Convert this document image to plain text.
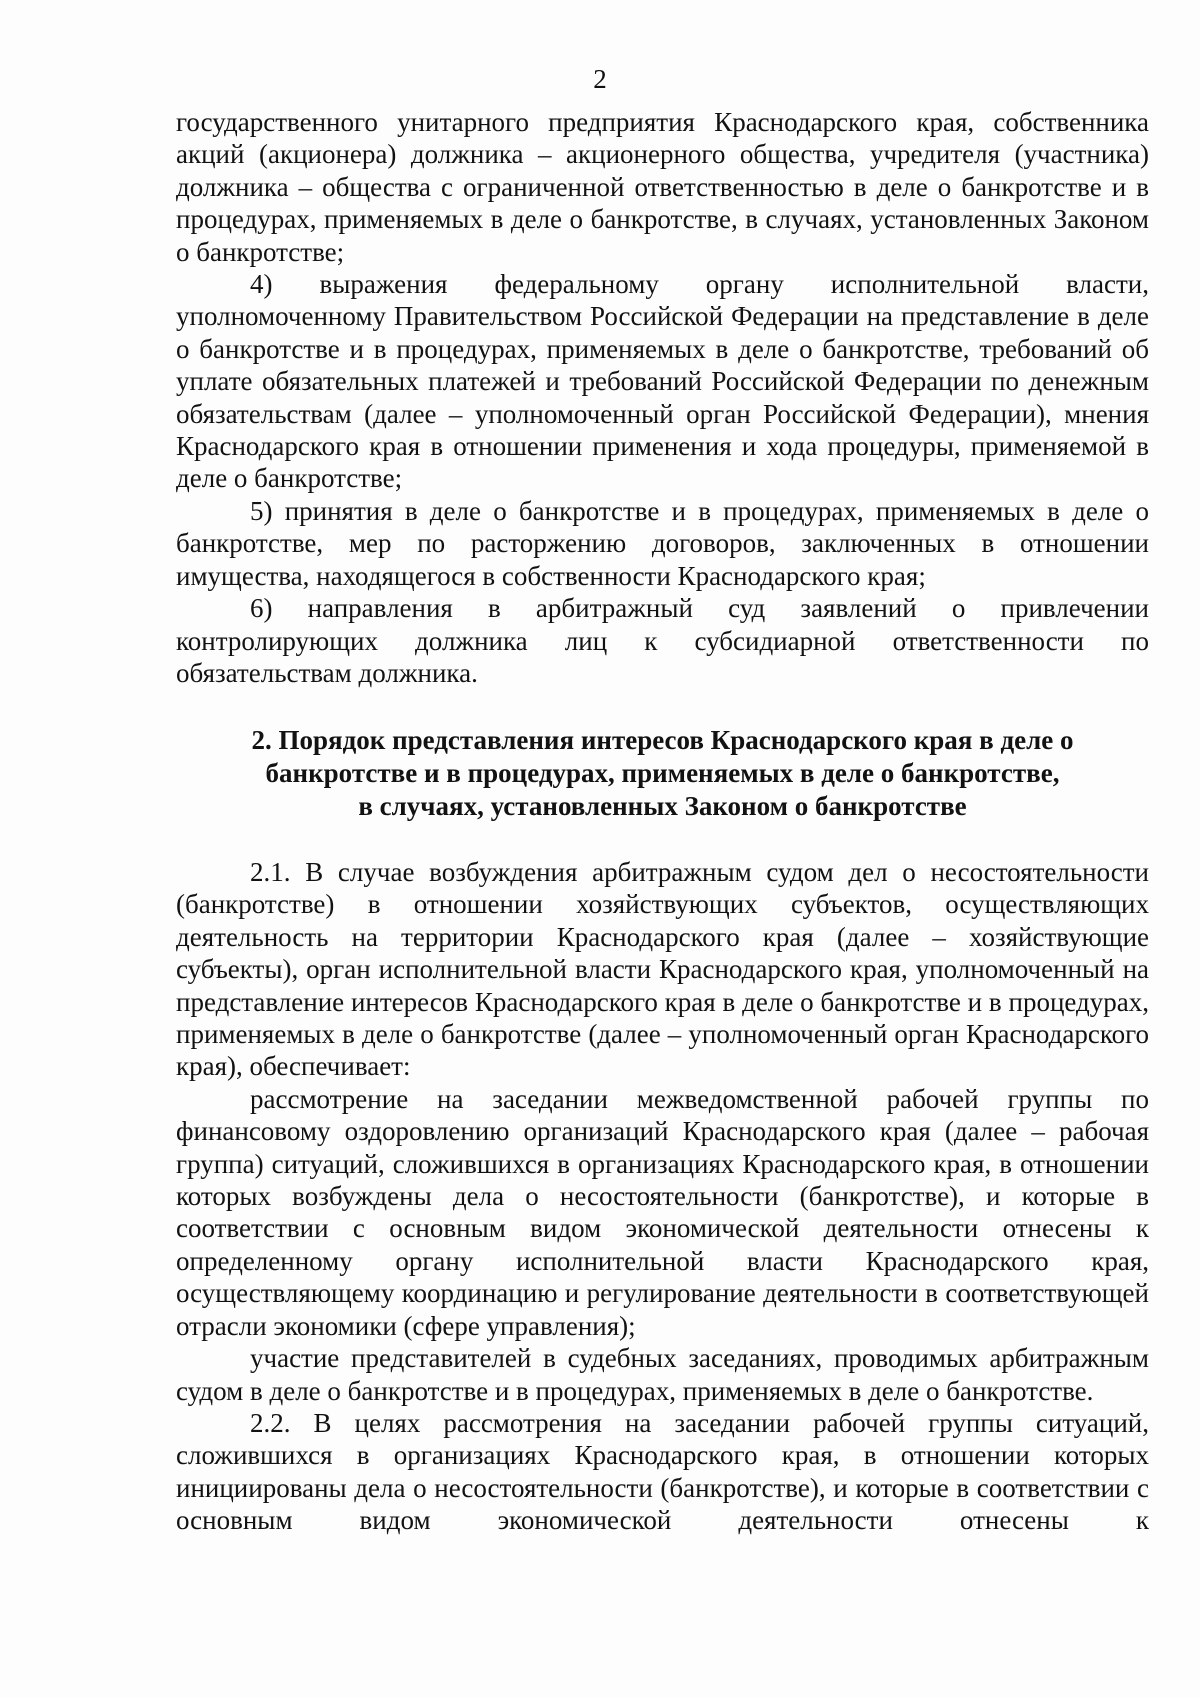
2

государственного унитарного предприятия Краснодарского края, собственника акций (акционера) должника – акционерного общества, учредителя (участника) должника – общества с ограниченной ответственностью в деле о банкротстве и в процедурах, применяемых в деле о банкротстве, в случаях, установленных Законом о банкротстве;

4) выражения федеральному органу исполнительной власти, уполномоченному Правительством Российской Федерации на представление в деле о банкротстве и в процедурах, применяемых в деле о банкротстве, требований об уплате обязательных платежей и требований Российской Федерации по денежным обязательствам (далее – уполномоченный орган Российской Федерации), мнения Краснодарского края в отношении применения и хода процедуры, применяемой в деле о банкротстве;

5) принятия в деле о банкротстве и в процедурах, применяемых в деле о банкротстве, мер по расторжению договоров, заключенных в отношении имущества, находящегося в собственности Краснодарского края;

6) направления в арбитражный суд заявлений о привлечении контролирующих должника лиц к субсидиарной ответственности по обязательствам должника.

2. Порядок представления интересов Краснодарского края в деле о
банкротстве и в процедурах, применяемых в деле о банкротстве,
в случаях, установленных Законом о банкротстве

2.1. В случае возбуждения арбитражным судом дел о несостоятельности (банкротстве) в отношении хозяйствующих субъектов, осуществляющих деятельность на территории Краснодарского края (далее – хозяйствующие субъекты), орган исполнительной власти Краснодарского края, уполномоченный на представление интересов Краснодарского края в деле о банкротстве и в процедурах, применяемых в деле о банкротстве (далее – уполномоченный орган Краснодарского края), обеспечивает:

рассмотрение на заседании межведомственной рабочей группы по финансовому оздоровлению организаций Краснодарского края (далее – рабочая группа) ситуаций, сложившихся в организациях Краснодарского края, в отношении которых возбуждены дела о несостоятельности (банкротстве), и которые в соответствии с основным видом экономической деятельности отнесены к определенному органу исполнительной власти Краснодарского края, осуществляющему координацию и регулирование деятельности в соответствующей отрасли экономики (сфере управления);

участие представителей в судебных заседаниях, проводимых арбитражным судом в деле о банкротстве и в процедурах, применяемых в деле о банкротстве.

2.2. В целях рассмотрения на заседании рабочей группы ситуаций, сложившихся в организациях Краснодарского края, в отношении которых инициированы дела о несостоятельности (банкротстве), и которые в соответствии с основным видом экономической деятельности отнесены к
